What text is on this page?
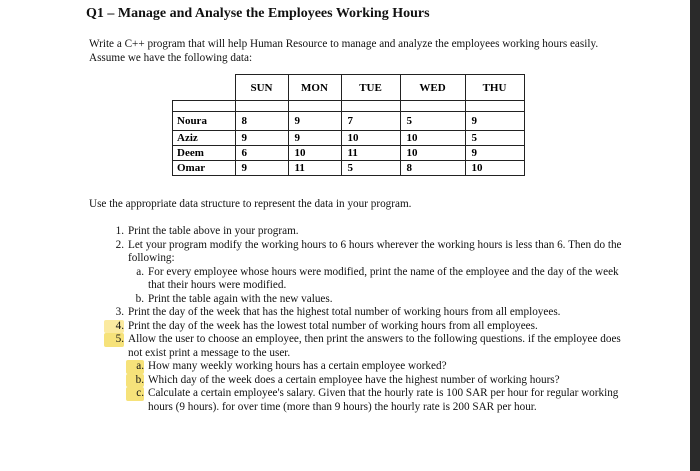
Q1 – Manage and Analyse the Employees Working Hours
Write a C++ program that will help Human Resource to manage and analyze the employees working hours easily. Assume we have the following data:
	SUN	MON	TUE	WED	THU

Noura	8	9	7	5	9
Aziz	9	9	10	10	5
Deem	6	10	11	10	9
Omar	9	11	5	8	10
Use the appropriate data structure to represent the data in your program.
1. Print the table above in your program.
2. Let your program modify the working hours to 6 hours wherever the working hours is less than 6. Then do the following:
a. For every employee whose hours were modified, print the name of the employee and the day of the week that their hours were modified.
b. Print the table again with the new values.
3. Print the day of the week that has the highest total number of working hours from all employees.
4. Print the day of the week has the lowest total number of working hours from all employees.
5. Allow the user to choose an employee, then print the answers to the following questions. if the employee does not exist print a message to the user.
a. How many weekly working hours has a certain employee worked?
b. Which day of the week does a certain employee have the highest number of working hours?
c. Calculate a certain employee's salary. Given that the hourly rate is 100 SAR per hour for regular working hours (9 hours). for over time (more than 9 hours) the hourly rate is 200 SAR per hour.
